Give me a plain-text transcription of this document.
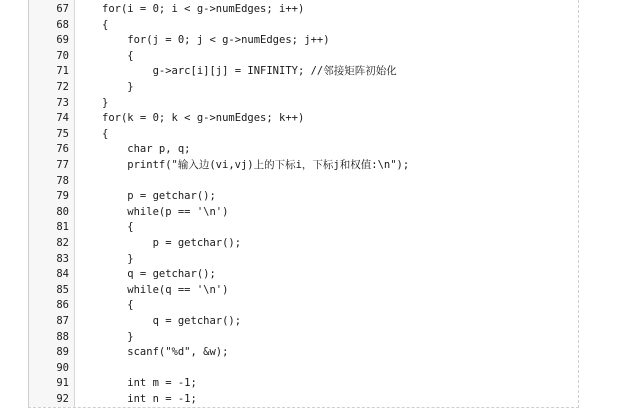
67	for(i = 0; i < g->numEdges; i++)
68	{
69	for(j = 0; j < g->numEdges; j++)
70	{
71	g->arc[i][j] = INFINITY; //邻接矩阵初始化
72	}
73	}
74	for(k = 0; k < g->numEdges; k++)
75	{
76	char p, q;
77	printf("输入边(vi,vj)上的下标i，下标j和权值:\n");
78
79	p = getchar();
80	while(p == '\n')
81	{
82	p = getchar();
83	}
84	q = getchar();
85	while(q == '\n')
86	{
87	q = getchar();
88	}
89	scanf("%d", &w);
90
91	int m = -1;
92	int n = -1;
